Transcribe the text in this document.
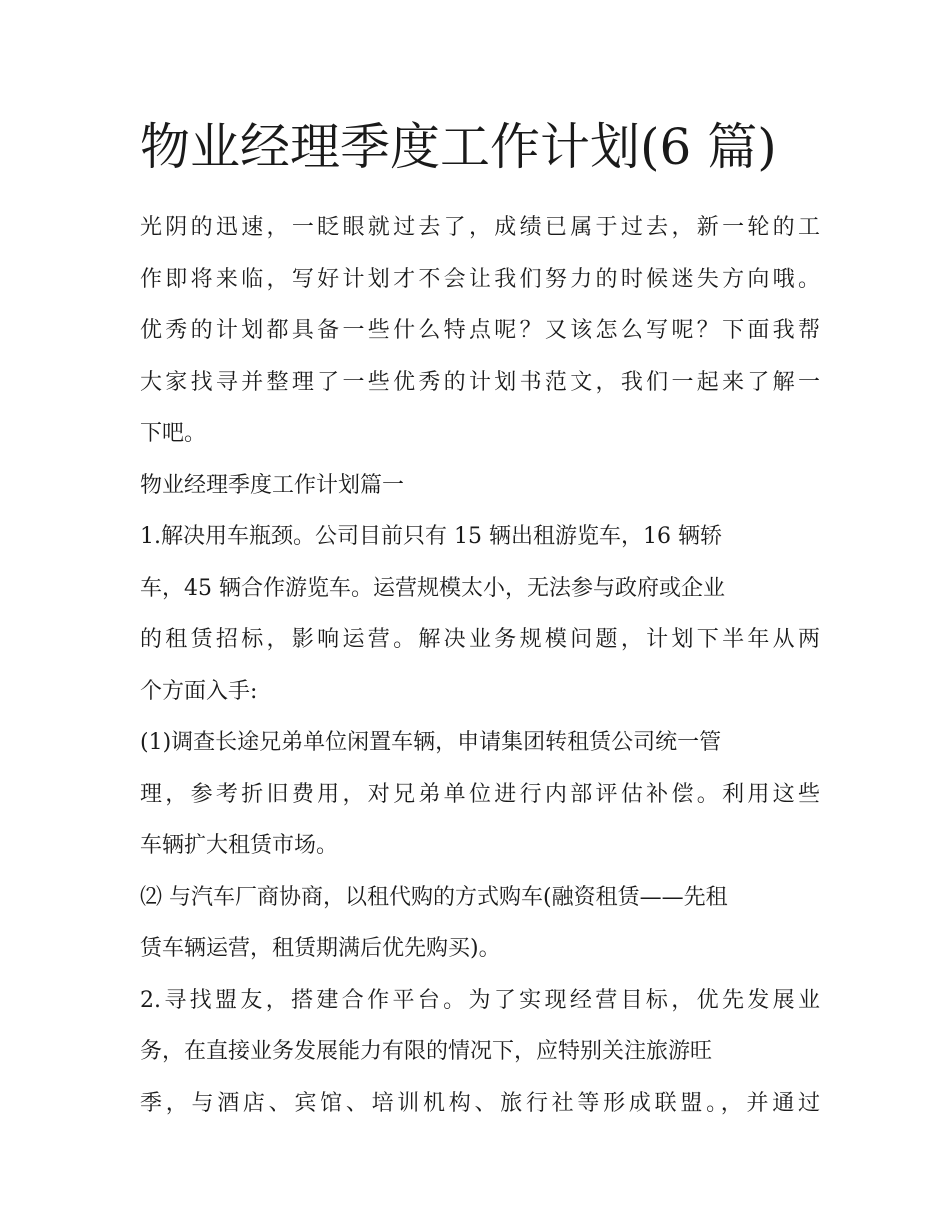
物业经理季度工作计划(6 篇)

光阴的迅速，一眨眼就过去了，成绩已属于过去，新一轮的工
作即将来临，写好计划才不会让我们努力的时候迷失方向哦。
优秀的计划都具备一些什么特点呢？又该怎么写呢？下面我帮
大家找寻并整理了一些优秀的计划书范文，我们一起来了解一
下吧。

物业经理季度工作计划篇一

1.解决用车瓶颈。公司目前只有 15 辆出租游览车，16 辆轿
车，45 辆合作游览车。运营规模太小，无法参与政府或企业
的租赁招标，影响运营。解决业务规模问题，计划下半年从两
个方面入手:

(1)调查长途兄弟单位闲置车辆，申请集团转租赁公司统一管
理，参考折旧费用，对兄弟单位进行内部评估补偿。利用这些
车辆扩大租赁市场。

⑵ 与汽车厂商协商，以租代购的方式购车(融资租赁——先租
赁车辆运营，租赁期满后优先购买)。

2.寻找盟友，搭建合作平台。为了实现经营目标，优先发展业
务，在直接业务发展能力有限的情况下，应特别关注旅游旺
季，与酒店、宾馆、培训机构、旅行社等形成联盟。，并通过
